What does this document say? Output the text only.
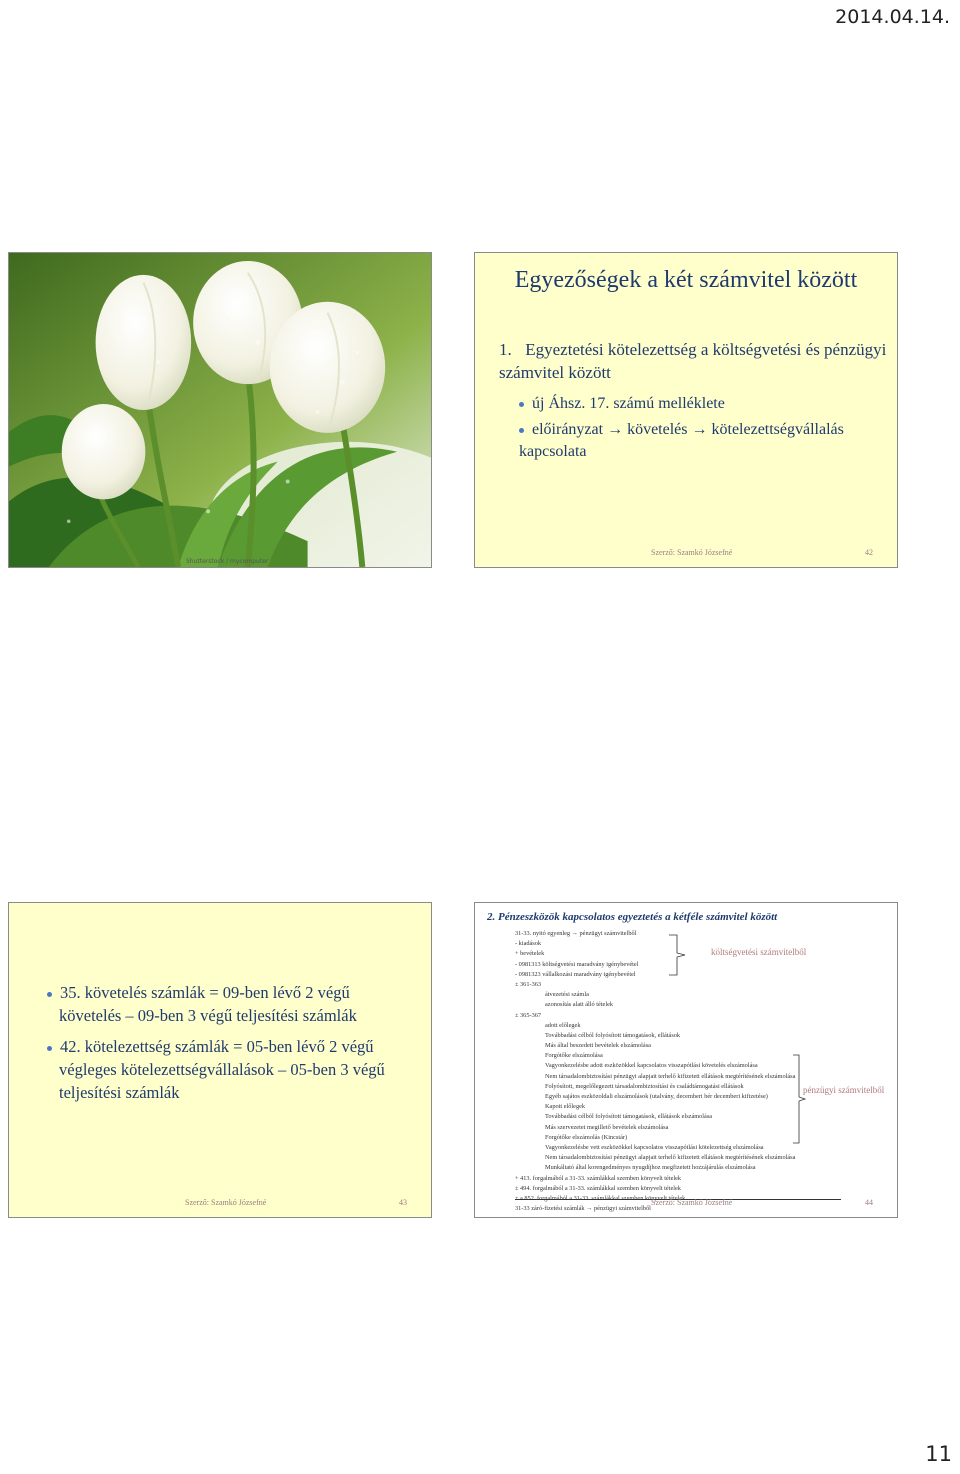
2014.04.14.
Shutterstock / mycomputer
Egyezőségek a két számvitel között
1. Egyeztetési kötelezettség a költségvetési és pénzügyi számvitel között
új Áhsz. 17. számú melléklete
előirányzat → követelés → kötelezettségvállalás kapcsolata
Szerző: Szamkó Józsefné	42

35. követelés számlák = 09-ben lévő 2 végű követelés – 09-ben 3 végű teljesítési számlák

42. kötelezettség számlák = 05-ben lévő 2 végű végleges kötelezettségvállalások – 05-ben 3 végű teljesítési számlák

Szerző: Szamkó Józsefné	43
2. Pénzeszközök kapcsolatos egyeztetés a kétféle számvitel között
31-33. nyitó egyenleg → pénzügyi számvitelből
- kiadások
+ bevételek
- 0981313 költségvetési maradvány igénybevétel
- 0981323 vállalkozási maradvány igénybevétel
± 361-363
átvezetési számla
azonosítás alatt álló tételek
± 365-367
adott előlegek
Továbbadási célból folyósított támogatások, ellátások
Más által beszedett bevételek elszámolása
Forgótőke elszámolása
Vagyonkezelésbe adott eszközökkel kapcsolatos visszapótlási követelés elszámolása
Nem társadalombiztosítási pénzügyi alapjait terhelő kifizetett ellátások megtérítésének elszámolása
Folyósított, megelőlegezett társadalombiztosítási és családtámogatási ellátások
Egyéb sajátos eszközoldali elszámolások (utalvány, decemberi bér decemberi kifizetése)
Kapott előlegek
Továbbadási célból folyósított támogatások, ellátások elszámolása
Más szervezetet megillető bevételek elszámolása
Forgótőke elszámolás (Kincstár)
Vagyonkezelésbe vett eszközökkel kapcsolatos visszapótlási kötelezettség elszámolása
Nem társadalombiztosítási pénzügyi alapjait terhelő kifizetett ellátások megtérítésének elszámolása
Munkáltató által korengedményes nyugdíjhoz megfizetett hozzájárulás elszámolása
+ 413. forgalmából a 31-33. számlákkal szemben könyvelt tételek
± 494. forgalmából a 31-33. számlákkal szemben könyvelt tételek
± a 852. forgalmából a 31-33. számlákkal szemben könyvelt tételek
31-33 záró-fizetési számlák → pénzügyi számvitelből
költségvetési számvitelből
pénzügyi számvitelből
Szerző: Szamkó Józsefné	44
11
